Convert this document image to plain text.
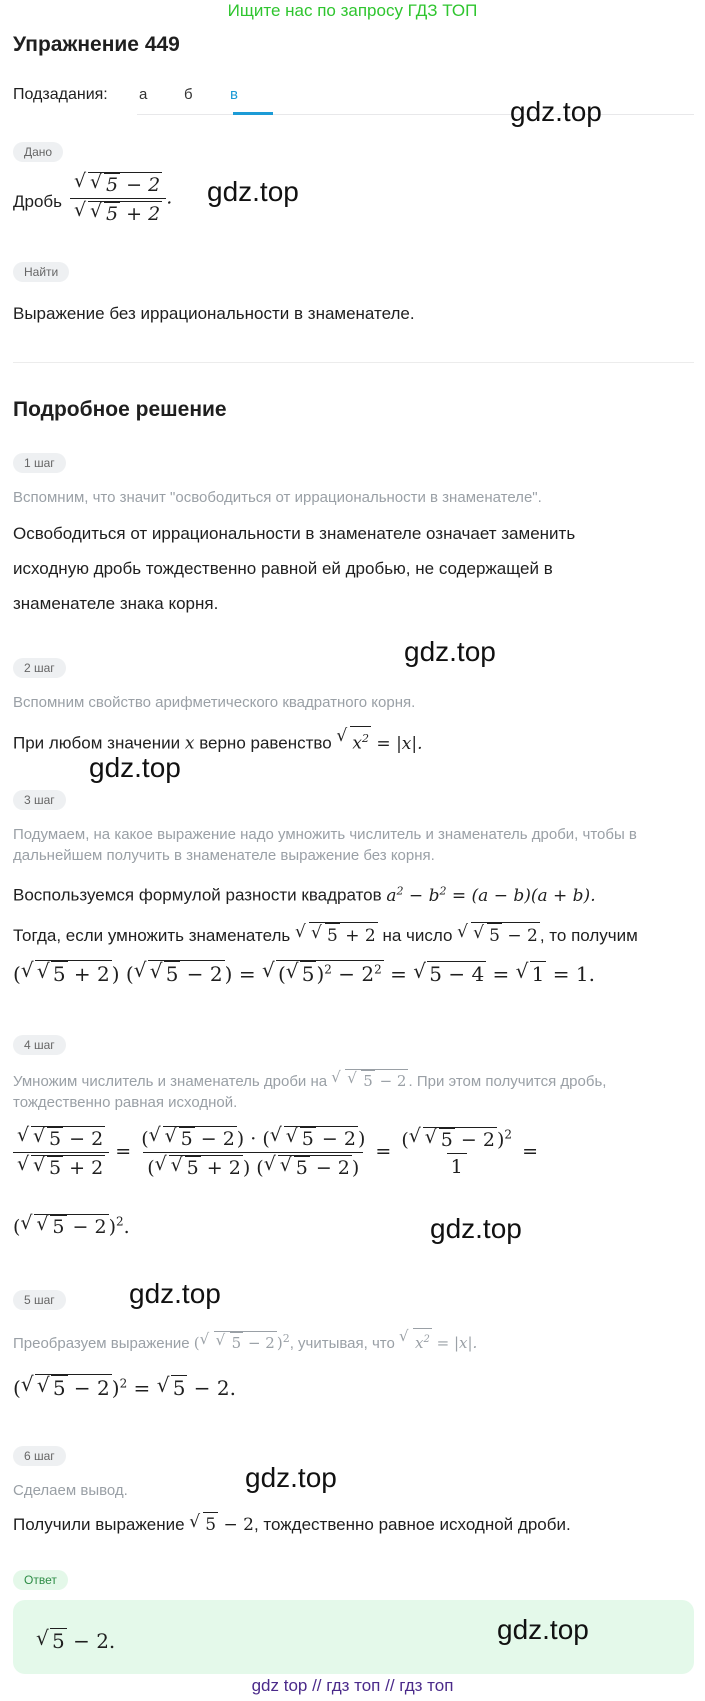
Ищите нас по запросу ГДЗ ТОП
Упражнение 449
Подзадания: а б в
gdz.top
Дано
Дробь √ √ 5 − 2
√ √ 5 + 2 . gdz.top
Найти
Выражение без иррациональности в знаменателе.
Подробное решение
1 шаг
Вспомним, что значит "освободиться от иррациональности в знаменателе".
Освободиться от иррациональности в знаменателе означает заменить
исходную дробь тождественно равной ей дробью, не содержащей в
знаменателе знака корня.
gdz.top
2 шаг
Вспомним свойство арифметического квадратного корня.
При любом значении x верно равенство √ $x^2 = |x|$.
gdz.top
3 шаг
Подумаем, на какое выражение надо умножить числитель и знаменатель дроби, чтобы в
дальнейшем получить в знаменателе выражение без корня.
Воспользуемся формулой разности квадратов $a^2 - b^2 = (a - b)(a + b)$.
Тогда, если умножить знаменатель √ √ 5 + 2 на число √ √ 5 − 2 , то получим
( √ √ 5 + 2 ) ( √ √ 5 − 2 ) = √ ( √ 5 )$^2 - 2^2$ = √ 5 − 4 = √ 1 = 1.
4 шаг
Умножим числитель и знаменатель дроби на √ √ 5 − 2 . При этом получится дробь,
тождественно равная исходной.
√ √ 5 − 2
√ √ $5 + 2 = \frac{( √ √ 5 - 2 ) \cdot ( √ √ 5 - 2 )}{( √ √ 5 + 2 ) ( √ √ 5 - 2 )} = \frac{( √ √ 5 - 2 )^2}{1}$ =
( √ √ 5 − 2 )$^2$.	gdz.top
gdz.top
5 шаг
Преобразуем выражение ( √ √ 5 − 2 )$^2$, учитывая, что √ $x^2 = |x|$.
( √ √ 5 − 2 )$^2$ = √ 5 − 2.
6 шаг
Сделаем вывод.	gdz.top
Получили выражение √ 5 − 2, тождественно равное исходной дроби.
Ответ
√ 5 − 2.	gdz.top
gdz top // гдз топ // гдз топ
